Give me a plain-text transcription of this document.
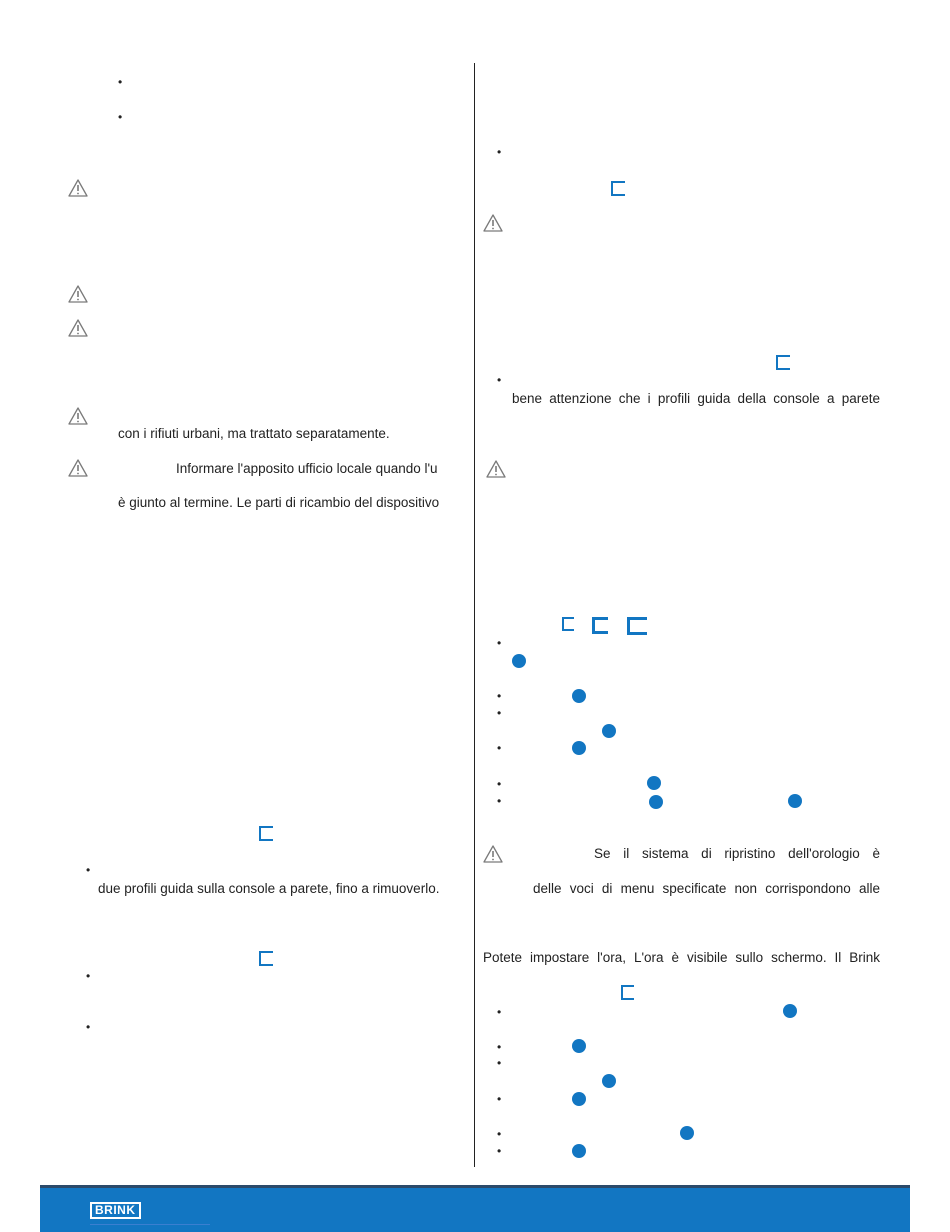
•
•
con i rifiuti urbani, ma trattato separatamente.
Informare l'apposito ufficio locale quando l'u
è giunto al termine. Le parti di ricambio del dispositivo
•
due profili guida sulla console a parete, fino a rimuoverlo.
•
•
•
•
bene attenzione che i profili guida della console a parete
•
•
•
•
•
•
Se il sistema di ripristino dell'orologio è
delle voci di menu specificate non corrispondono alle
Potete impostare l'ora, L'ora è visibile sullo schermo. Il Brink
•
•
•
•
•
•
BRINK
